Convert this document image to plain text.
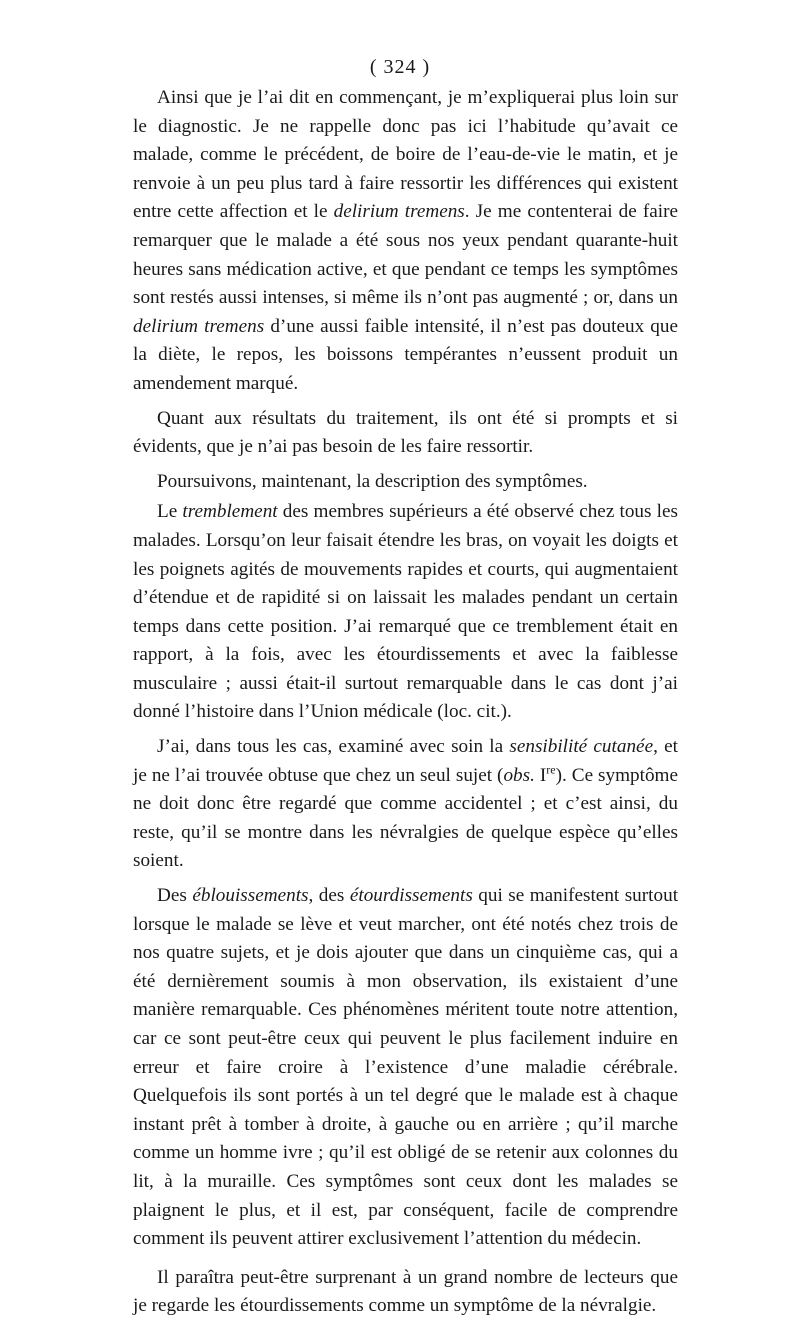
( 324 )

Ainsi que je l’ai dit en commençant, je m’expliquerai plus loin sur le diagnostic. Je ne rappelle donc pas ici l’habitude qu’avait ce malade, comme le précédent, de boire de l’eau-de-vie le matin, et je renvoie à un peu plus tard à faire ressortir les différences qui existent entre cette affection et le delirium tremens. Je me contenterai de faire remarquer que le malade a été sous nos yeux pendant quarante-huit heures sans médication active, et que pendant ce temps les symptômes sont restés aussi intenses, si même ils n’ont pas augmenté ; or, dans un delirium tremens d’une aussi faible intensité, il n’est pas douteux que la diète, le repos, les boissons tempérantes n’eussent produit un amendement marqué.

Quant aux résultats du traitement, ils ont été si prompts et si évidents, que je n’ai pas besoin de les faire ressortir.

Poursuivons, maintenant, la description des symptômes.

Le tremblement des membres supérieurs a été observé chez tous les malades. Lorsqu’on leur faisait étendre les bras, on voyait les doigts et les poignets agités de mouvements rapides et courts, qui augmentaient d’étendue et de rapidité si on laissait les malades pendant un certain temps dans cette position. J’ai remarqué que ce tremblement était en rapport, à la fois, avec les étourdissements et avec la faiblesse musculaire ; aussi était-il surtout remarquable dans le cas dont j’ai donné l’histoire dans l’Union médicale (loc. cit.).

J’ai, dans tous les cas, examiné avec soin la sensibilité cutanée, et je ne l’ai trouvée obtuse que chez un seul sujet (obs. Ire). Ce symptôme ne doit donc être regardé que comme accidentel ; et c’est ainsi, du reste, qu’il se montre dans les névralgies de quelque espèce qu’elles soient.

Des éblouissements, des étourdissements qui se manifestent surtout lorsque le malade se lève et veut marcher, ont été notés chez trois de nos quatre sujets, et je dois ajouter que dans un cinquième cas, qui a été dernièrement soumis à mon observation, ils existaient d’une manière remarquable. Ces phénomènes méritent toute notre attention, car ce sont peut-être ceux qui peuvent le plus facilement induire en erreur et faire croire à l’existence d’une maladie cérébrale. Quelquefois ils sont portés à un tel degré que le malade est à chaque instant prêt à tomber à droite, à gauche ou en arrière ; qu’il marche comme un homme ivre ; qu’il est obligé de se retenir aux colonnes du lit, à la muraille. Ces symptômes sont ceux dont les malades se plaignent le plus, et il est, par conséquent, facile de comprendre comment ils peuvent attirer exclusivement l’attention du médecin.

Il paraîtra peut-être surprenant à un grand nombre de lecteurs que je regarde les étourdissements comme un symptôme de la névralgie.
